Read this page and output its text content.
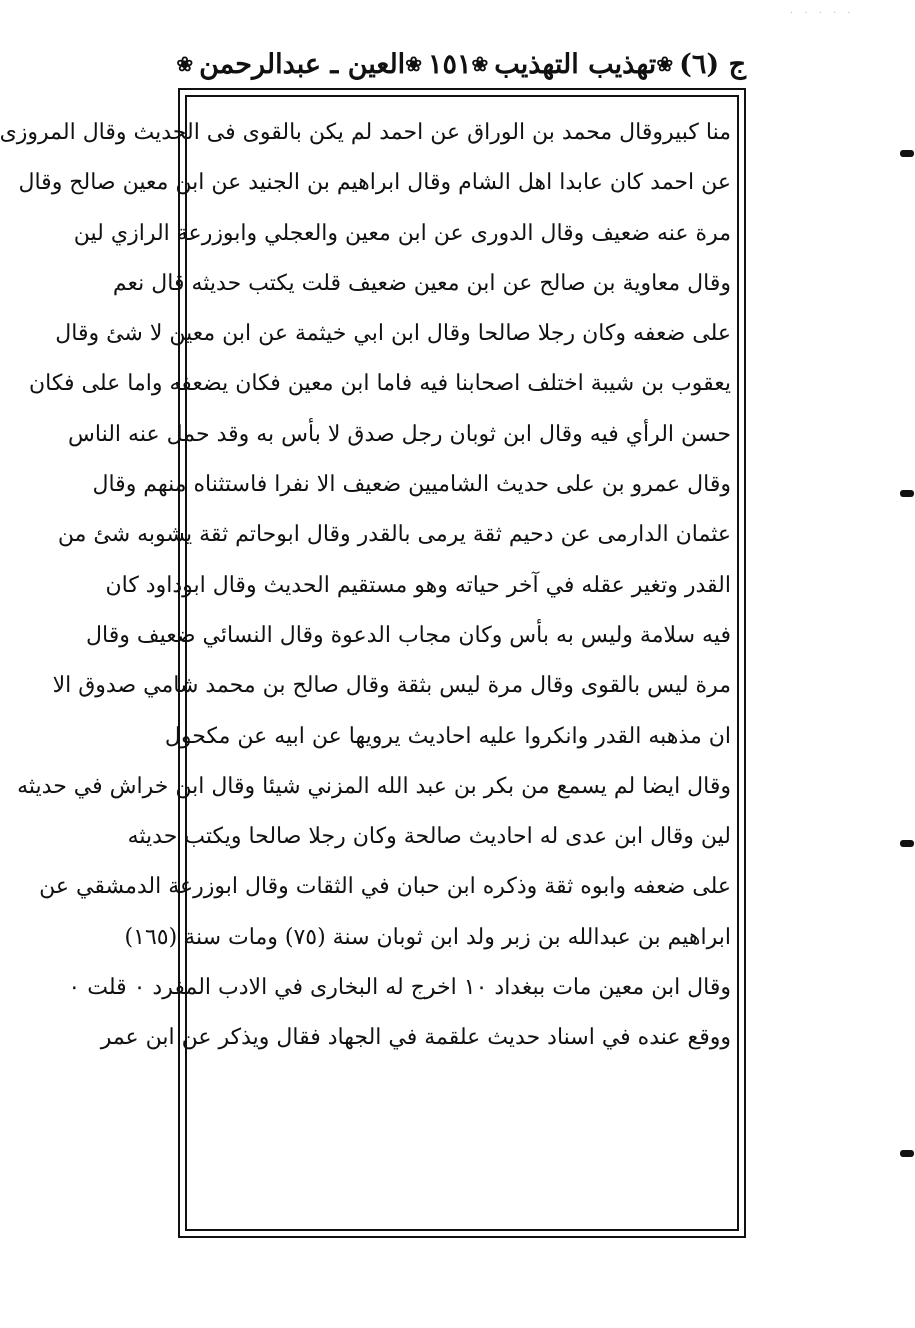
· · · · ·
ج (٦)
❀
تهذيب التهذيب
❀
١٥١
❀
العين ـ عبدالرحمن
❀
منا كبيروقال محمد بن الوراق عن احمد لم يكن بالقوى فى الحديث وقال المروزى
عن احمد كان عابدا اهل الشام وقال ابراهيم بن الجنيد عن ابن معين صالح وقال
مرة عنه ضعيف وقال الدورى عن ابن معين والعجلي وابوزرعة الرازي لين
وقال معاوية بن صالح عن ابن معين ضعيف قلت يكتب حديثه قال نعم
على ضعفه وكان رجلا صالحا وقال ابن ابي خيثمة عن ابن معين لا شئ وقال
يعقوب بن شيبة اختلف اصحابنا فيه فاما ابن معين فكان يضعفه واما على فكان
حسن الرأي فيه وقال ابن ثوبان رجل صدق لا بأس به وقد حمل عنه الناس
وقال عمرو بن على حديث الشاميين ضعيف الا نفرا فاستثناه منهم وقال
عثمان الدارمى عن دحيم ثقة يرمى بالقدر وقال ابوحاتم ثقة يشوبه شئ من
القدر وتغير عقله في آخر حياته وهو مستقيم الحديث وقال ابوداود كان
فيه سلامة وليس به بأس وكان مجاب الدعوة وقال النسائي ضعيف وقال
مرة ليس بالقوى وقال مرة ليس بثقة وقال صالح بن محمد شامي صدوق الا
ان مذهبه القدر وانكروا عليه احاديث يرويها عن ابيه عن مكحول
وقال ايضا لم يسمع من بكر بن عبد الله المزني شيئا وقال ابن خراش في حديثه
لين وقال ابن عدى له احاديث صالحة وكان رجلا صالحا ويكتب حديثه
على ضعفه وابوه ثقة وذكره ابن حبان في الثقات وقال ابوزرعة الدمشقي عن
ابراهيم بن عبدالله بن زبر ولد ابن ثوبان سنة (٧٥) ومات سنة (١٦٥)
وقال ابن معين مات ببغداد ١٠ اخرج له البخارى في الادب المفرد ٠ قلت ٠
ووقع عنده في اسناد حديث علقمة في الجهاد فقال ويذكر عن ابن عمر
